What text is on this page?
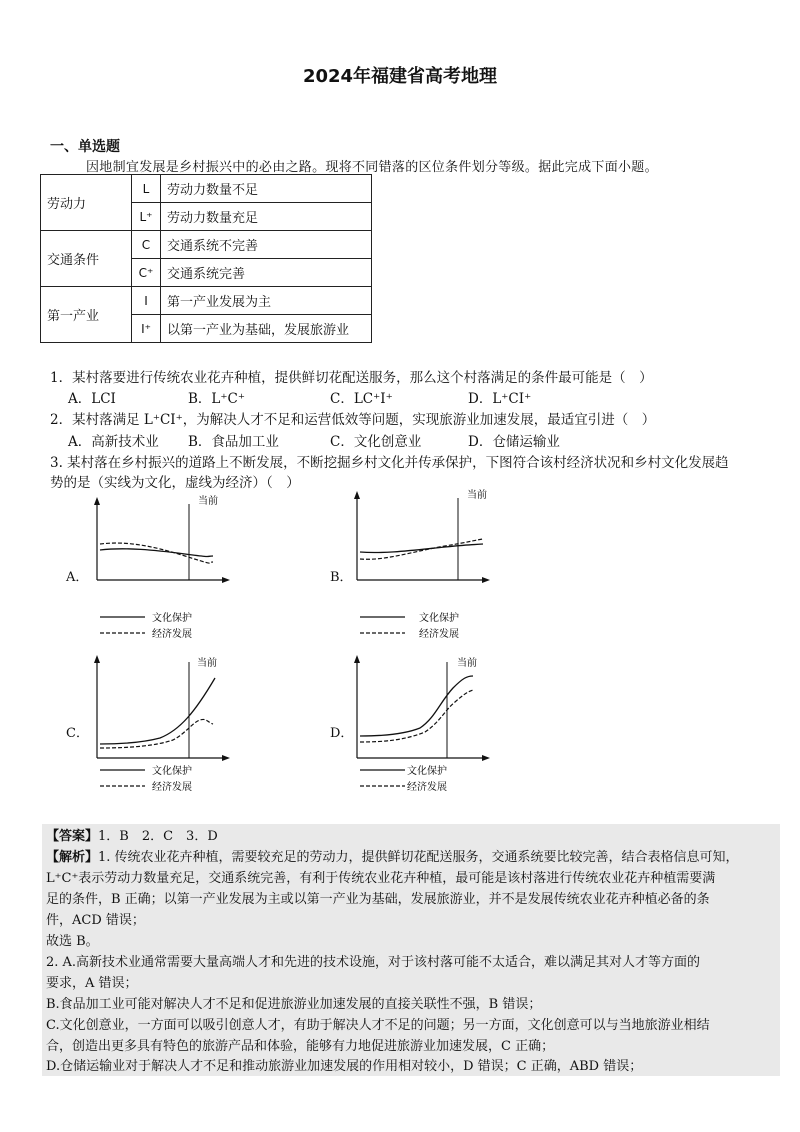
2024年福建省高考地理
一、单选题
因地制宜发展是乡村振兴中的必由之路。现将不同错落的区位条件划分等级。据此完成下面小题。
劳动力	L	劳动力数量不足
	L⁺	劳动力数量充足
交通条件	C	交通系统不完善
	C⁺	交通系统完善
第一产业	I	第一产业发展为主
	I⁺	以第一产业为基础，发展旅游业
1．某村落要进行传统农业花卉种植，提供鲜切花配送服务，那么这个村落满足的条件最可能是（　）
A．LCI	B．L⁺C⁺	C．LC⁺I⁺	D．L⁺CI⁺
2．某村落满足 L⁺CI⁺，为解决人才不足和运营低效等问题，实现旅游业加速发展，最适宜引进（　）
A．高新技术业 B．食品加工业	C．文化创意业	D．仓储运输业
3. 某村落在乡村振兴的道路上不断发展，不断挖掘乡村文化并传承保护，下图符合该村经济状况和乡村文化发展趋
势的是（实线为文化，虚线为经济）（　）
A．
当前
文化保护
经济发展
B．
当前
文化保护
经济发展
C．
当前
文化保护
经济发展
D．
当前
文化保护
经济发展

【答案】1．B　2．C　3．D

【解析】1. 传统农业花卉种植，需要较充足的劳动力，提供鲜切花配送服务，交通系统要比较完善，结合表格信息可知，

L⁺C⁺表示劳动力数量充足，交通系统完善，有利于传统农业花卉种植，最可能是该村落进行传统农业花卉种植需要满

足的条件，B 正确；以第一产业发展为主或以第一产业为基础，发展旅游业，并不是发展传统农业花卉种植必备的条

件，ACD 错误；

故选 B。

2. A.高新技术业通常需要大量高端人才和先进的技术设施，对于该村落可能不太适合，难以满足其对人才等方面的

要求，A 错误；

B.食品加工业可能对解决人才不足和促进旅游业加速发展的直接关联性不强，B 错误；

C.文化创意业，一方面可以吸引创意人才，有助于解决人才不足的问题；另一方面，文化创意可以与当地旅游业相结

合，创造出更多具有特色的旅游产品和体验，能够有力地促进旅游业加速发展，C 正确；

D.仓储运输业对于解决人才不足和推动旅游业加速发展的作用相对较小，D 错误；C 正确，ABD 错误；
